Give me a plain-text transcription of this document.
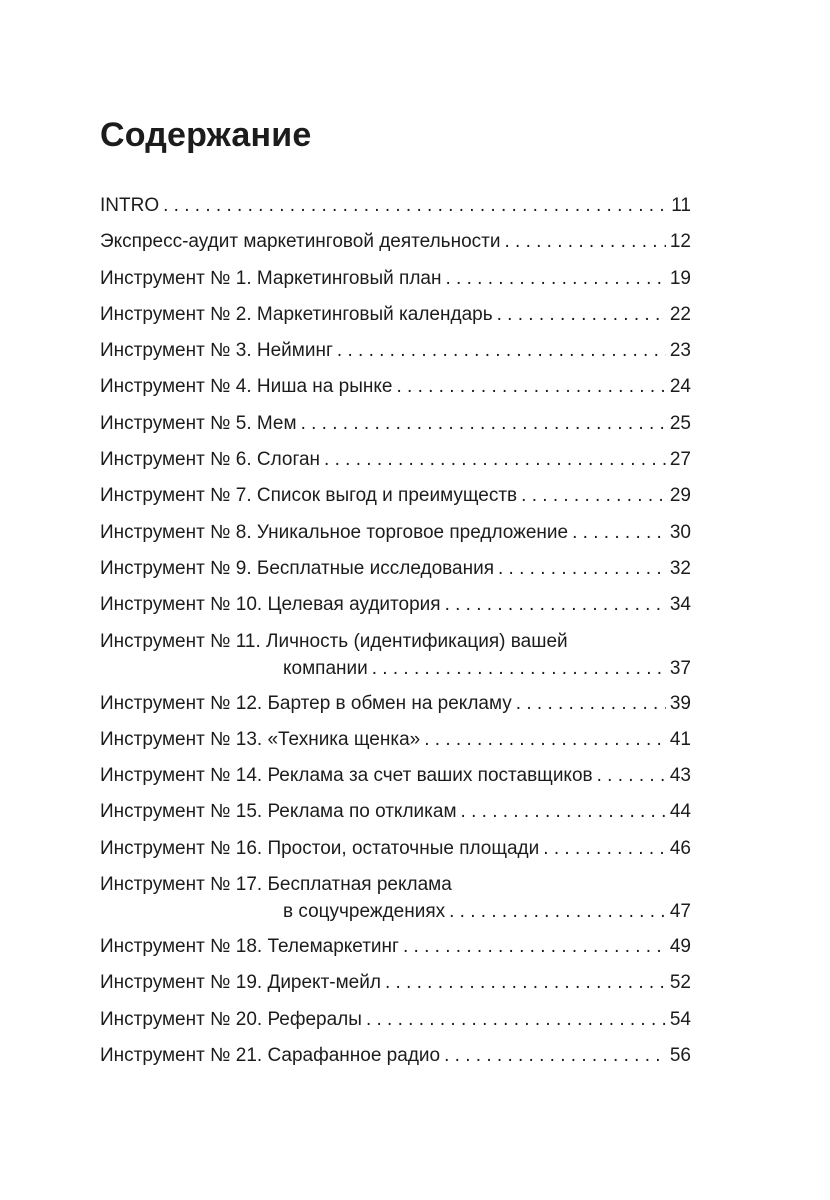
Содержание
INTRO . . .	11
Экспресс-аудит маркетинговой деятельности . . .	12
Инструмент № 1. Маркетинговый план . . .	19
Инструмент № 2. Маркетинговый календарь . . .	22
Инструмент № 3. Нейминг . . .	23
Инструмент № 4. Ниша на рынке . . .	24
Инструмент № 5. Мем . . .	25
Инструмент № 6. Слоган . . .	27
Инструмент № 7. Список выгод и преимуществ . . .	29
Инструмент № 8. Уникальное торговое предложение . . .	30
Инструмент № 9. Бесплатные исследования . . .	32
Инструмент № 10. Целевая аудитория . . .	34
Инструмент № 11. Личность (идентификация) вашей
компании . . .	37
Инструмент № 12. Бартер в обмен на рекламу . . .	39
Инструмент № 13. «Техника щенка» . . .	41
Инструмент № 14. Реклама за счет ваших поставщиков . . .	43
Инструмент № 15. Реклама по откликам . . .	44
Инструмент № 16. Простои, остаточные площади . . .	46
Инструмент № 17. Бесплатная реклама
в соцучреждениях . . .	47
Инструмент № 18. Телемаркетинг . . .	49
Инструмент № 19. Директ-мейл . . .	52
Инструмент № 20. Рефералы . . .	54
Инструмент № 21. Сарафанное радио . . .	56
